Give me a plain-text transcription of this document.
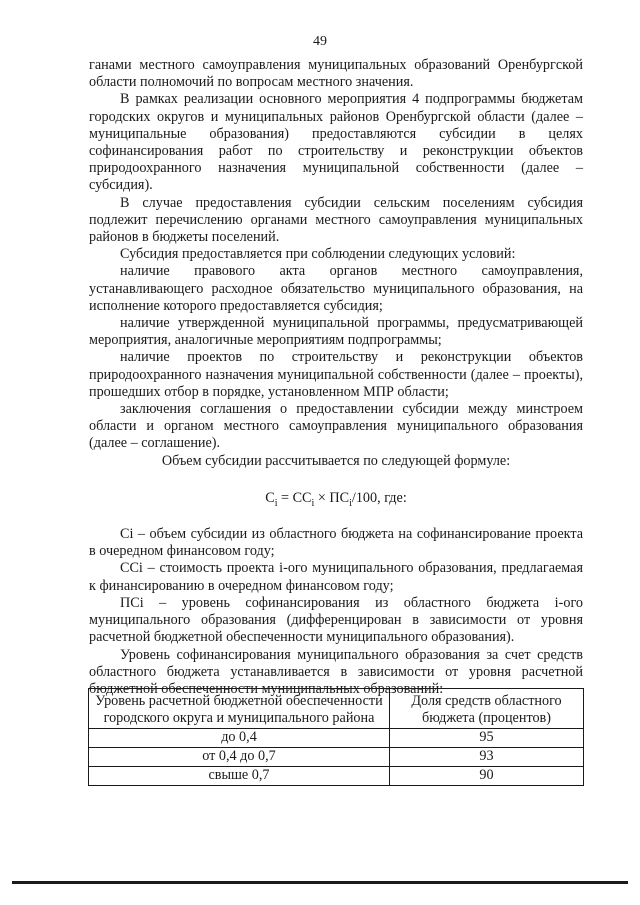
49

ганами местного самоуправления муниципальных образований Оренбургской области полномочий по вопросам местного значения.

В рамках реализации основного мероприятия 4 подпрограммы бюджетам городских округов и муниципальных районов Оренбургской области (далее – муниципальные образования) предоставляются субсидии в целях софинансирования работ по строительству и реконструкции объектов природоохранного назначения муниципальной собственности (далее – субсидия).

В случае предоставления субсидии сельским поселениям субсидия подлежит перечислению органами местного самоуправления муниципальных районов в бюджеты поселений.

Субсидия предоставляется при соблюдении следующих условий:

наличие правового акта органов местного самоуправления, устанавливающего расходное обязательство муниципального образования, на исполнение которого предоставляется субсидия;

наличие утвержденной муниципальной программы, предусматривающей мероприятия, аналогичные мероприятиям подпрограммы;

наличие проектов по строительству и реконструкции объектов природоохранного назначения муниципальной собственности (далее – проекты), прошедших отбор в порядке, установленном МПР области;

заключения соглашения о предоставлении субсидии между минстроем области и органом местного самоуправления муниципального образования (далее – соглашение).

Объем субсидии рассчитывается по следующей формуле:

$C_i = CC_i \times ПC_i/100$, где:

Ci – объем субсидии из областного бюджета на софинансирование проекта в очередном финансовом году;

CCi – стоимость проекта i-ого муниципального образования, предлагаемая к финансированию в очередном финансовом году;

ПCi – уровень софинансирования из областного бюджета i-ого муниципального образования (дифференцирован в зависимости от уровня расчетной бюджетной обеспеченности муниципального образования).

Уровень софинансирования муниципального образования за счет средств областного бюджета устанавливается в зависимости от уровня расчетной бюджетной обеспеченности муниципальных образований:

Уровень расчетной бюджетной обеспеченности городского округа и муниципального района	Доля средств областного бюджета (процентов)
до 0,4	95
от 0,4 до 0,7	93
свыше 0,7	90
